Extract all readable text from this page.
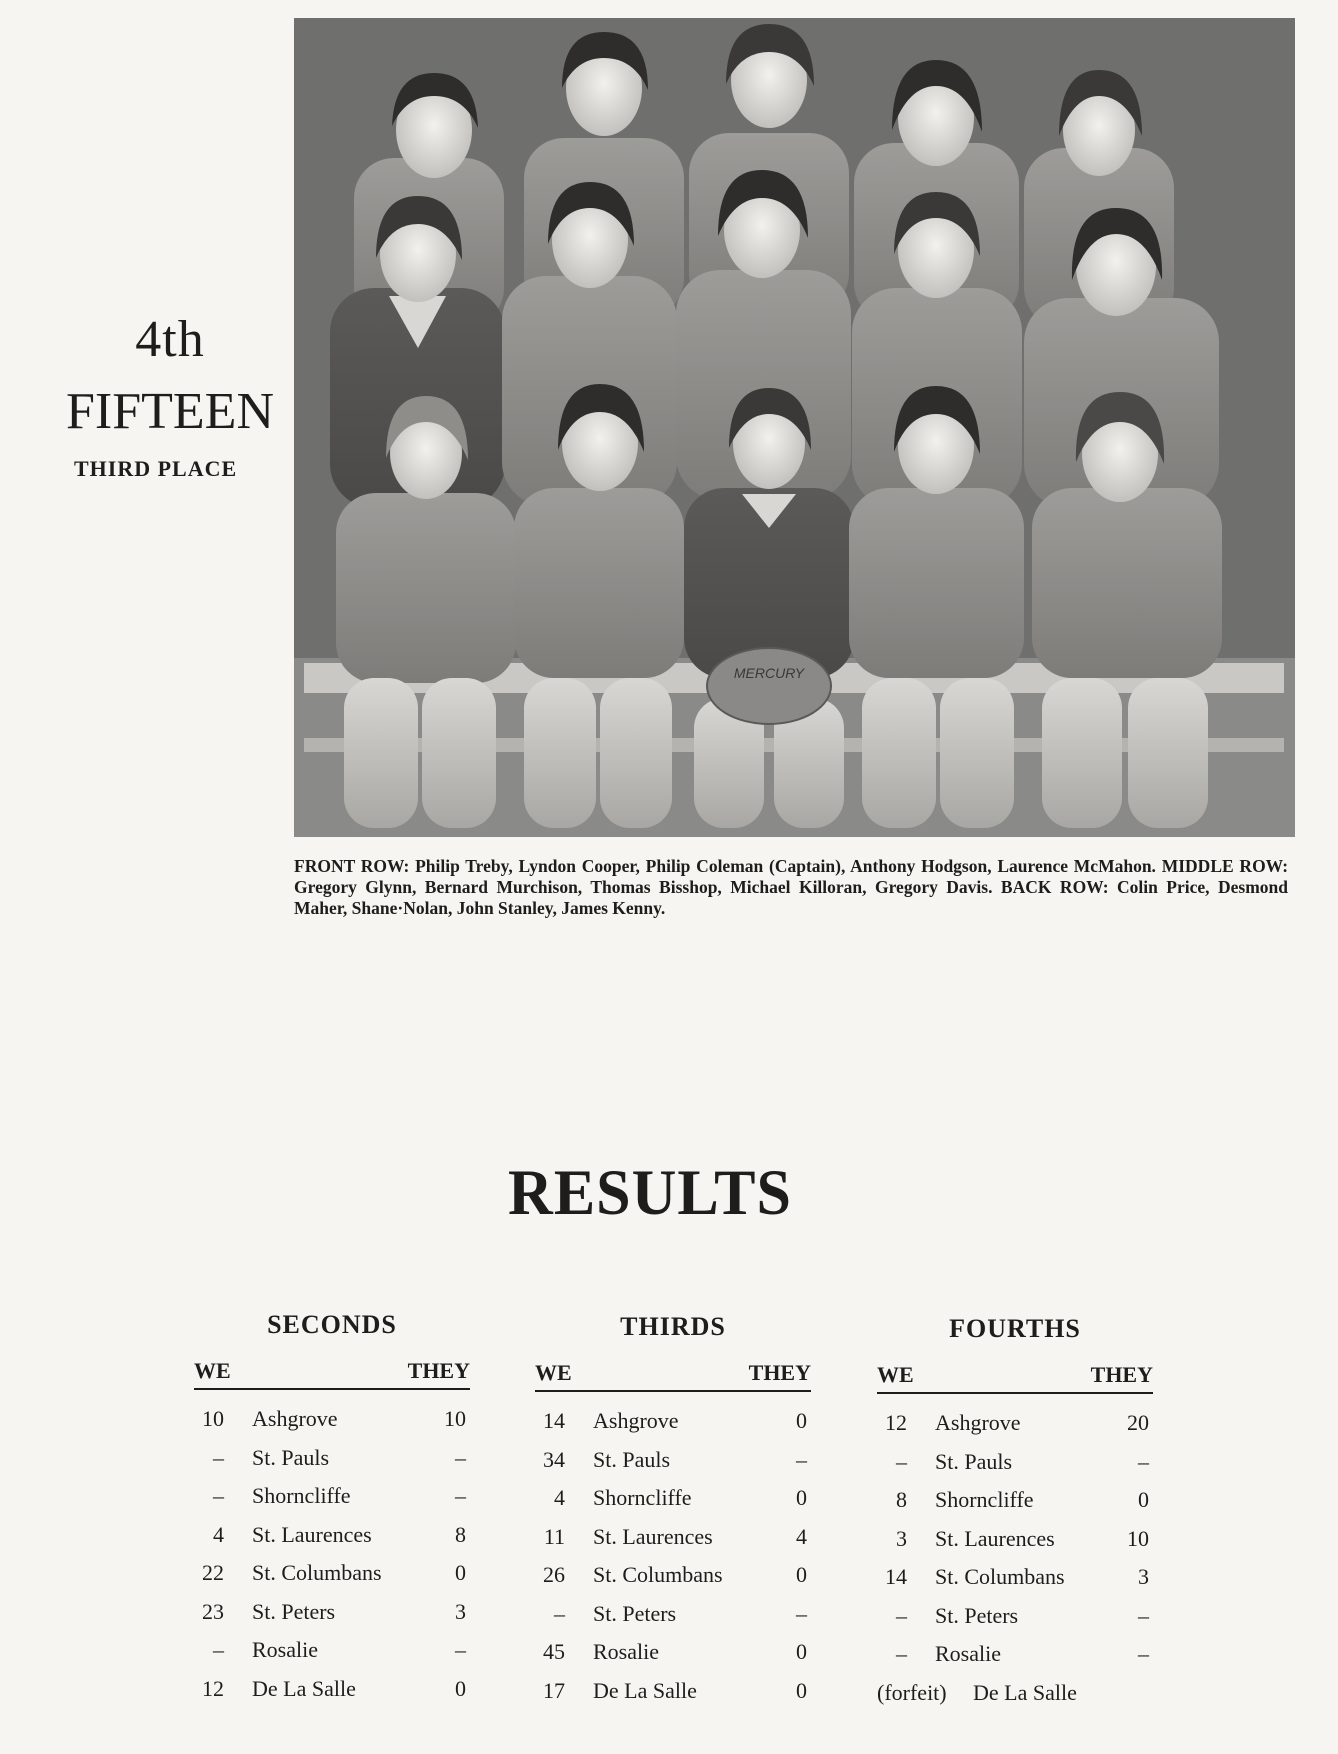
4th
FIFTEEN
THIRD PLACE
MERCURY
FRONT ROW: Philip Treby, Lyndon Cooper, Philip Coleman (Captain), Anthony Hodgson, Laurence McMahon. MIDDLE ROW: Gregory Glynn, Bernard Murchison, Thomas Bisshop, Michael Killoran, Gregory Davis. BACK ROW: Colin Price, Desmond Maher, Shane·Nolan, John Stanley, James Kenny.
RESULTS
SECONDS
WE	THEY
10 Ashgrove	10
– St. Pauls	–
– Shorncliffe	–
4 St. Laurences	8
22 St. Columbans	0
23 St. Peters	3
– Rosalie	–
12 De La Salle	0
THIRDS
WE	THEY
14 Ashgrove	0
34 St. Pauls	–
4 Shorncliffe	0
11 St. Laurences	4
26 St. Columbans	0
– St. Peters	–
45 Rosalie	0
17 De La Salle	0
FOURTHS
WE	THEY
12 Ashgrove	20
– St. Pauls	–
8 Shorncliffe	0
3 St. Laurences	10
14 St. Columbans	3
– St. Peters	–
– Rosalie	–
(forfeit) De La Salle
